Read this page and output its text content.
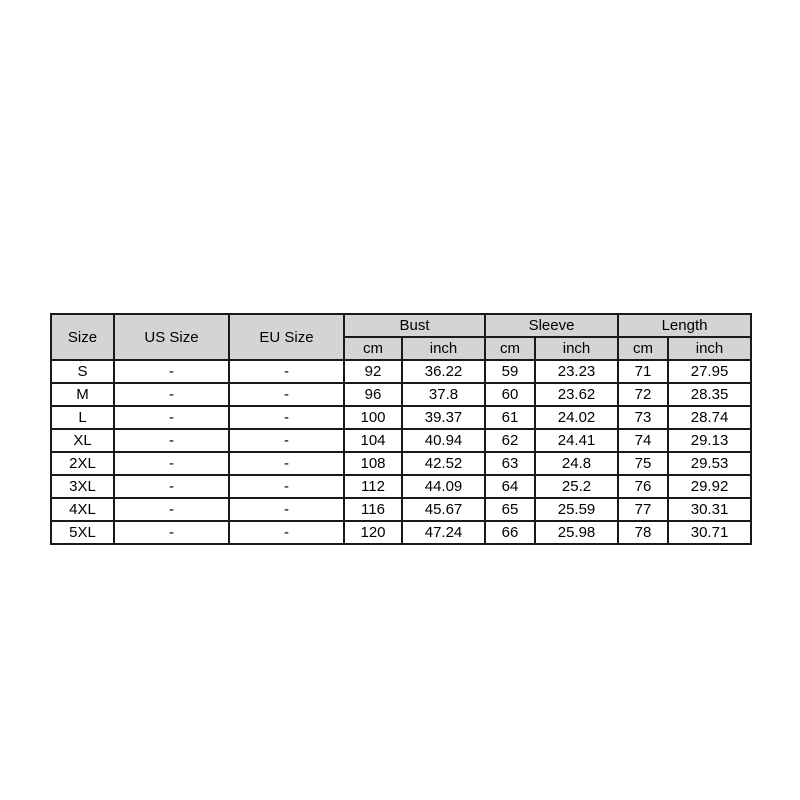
Size	US Size	EU Size	Bust		Sleeve		Length	
			cm	inch	cm	inch	cm	inch
S	-	-	92	36.22	59	23.23	71	27.95
M	-	-	96	37.8	60	23.62	72	28.35
L	-	-	100	39.37	61	24.02	73	28.74
XL	-	-	104	40.94	62	24.41	74	29.13
2XL	-	-	108	42.52	63	24.8	75	29.53
3XL	-	-	112	44.09	64	25.2	76	29.92
4XL	-	-	116	45.67	65	25.59	77	30.31
5XL	-	-	120	47.24	66	25.98	78	30.71
